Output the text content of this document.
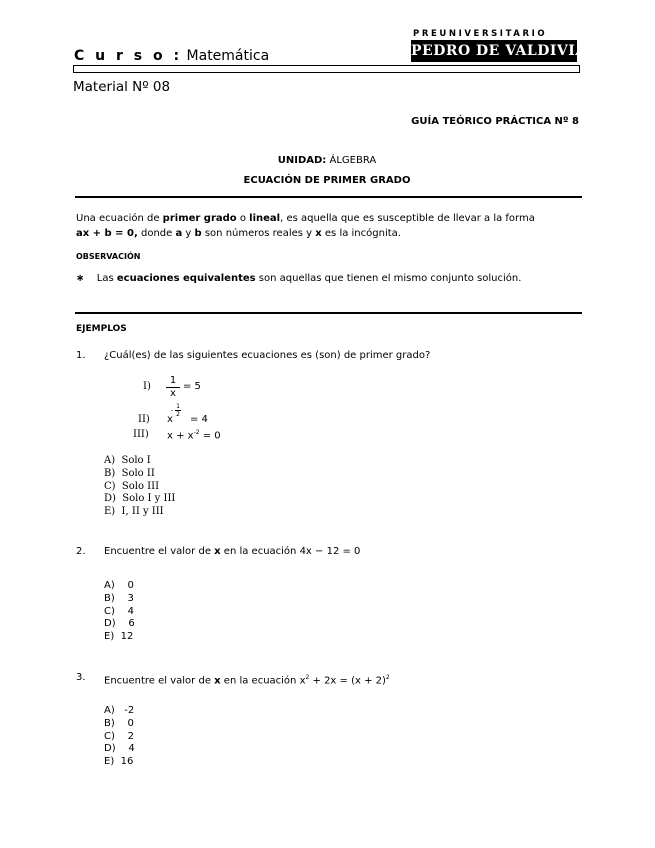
C u r s o : Matemática
PREUNIVERSITARIO
PEDRO DE VALDIVIA
Material Nº 08
GUÍA TEÓRICO PRÁCTICA Nº 8
UNIDAD: ÁLGEBRA
ECUACIÓN DE PRIMER GRADO
Una ecuación de primer grado o lineal, es aquella que es susceptible de llevar a la forma
ax + b = 0, donde a y b son números reales y x es la incógnita.
OBSERVACIÓN
∗ Las ecuaciones equivalentes son aquellas que tienen el mismo conjunto solución.
EJEMPLOS
1. ¿Cuál(es) de las siguientes ecuaciones es (son) de primer grado?
$I) \frac{1}{x} = 5$
II) x
-
1
2 = 4
III) $x + x^{-2} = 0$
A)  Solo I
B)  Solo II
C)  Solo III
D)  Solo I y III
E)  I, II y III
2. Encuentre el valor de x en la ecuación 4x − 12 = 0
A)    0
B)    3
C)    4
D)    6
E)  12
3. Encuentre el valor de x en la ecuación $x^2 + 2x = (x + 2)^2$
A)   -2
B)    0
C)    2
D)    4
E)  16
